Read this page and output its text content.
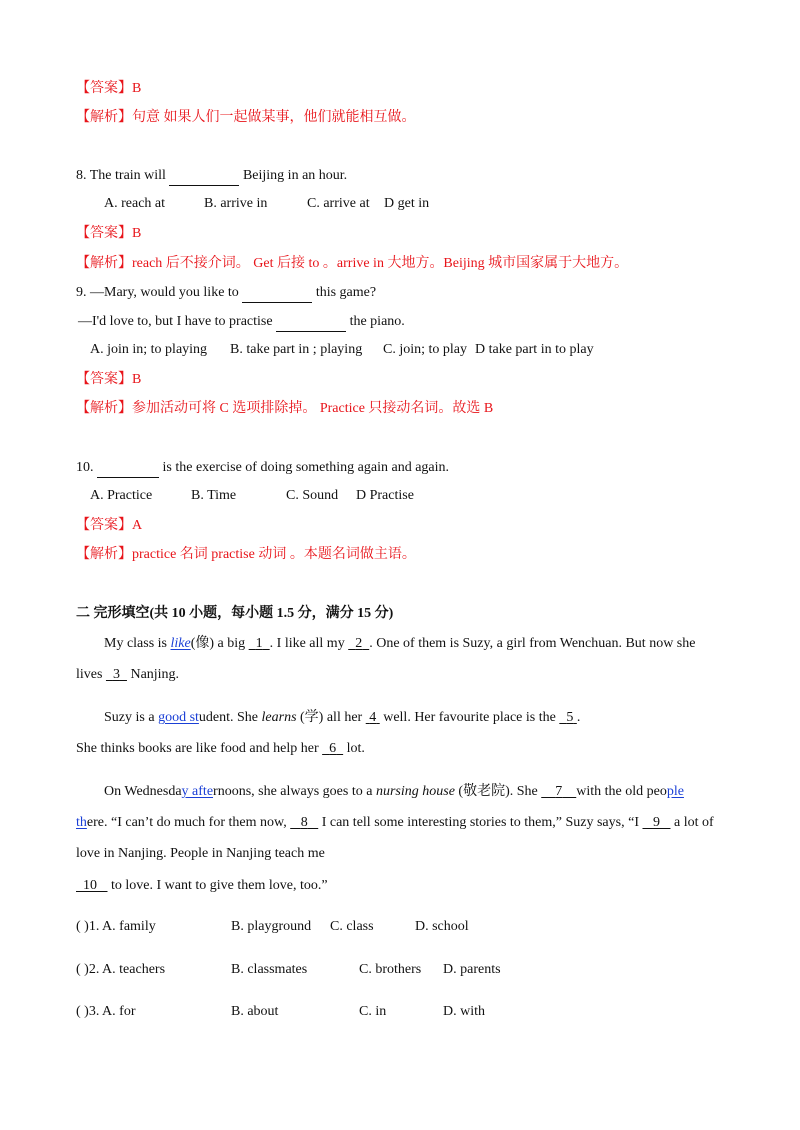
【答案】B
【解析】句意 如果人们一起做某事，他们就能相互做。
8. The train will	Beijing in an hour.
A. reach at	B. arrive in	C. arrive at D get in
【答案】B
【解析】reach 后不接介词。 Get 后接 to 。arrive in 大地方。Beijing 城市国家属于大地方。
9. —Mary, would you like to	this game?
—I'd love to, but I have to practise	the piano.
A. join in; to playing B. take part in ; playing C. join; to play D take part in to play
【答案】B
【解析】参加活动可将 C 选项排除掉。 Practice 只接动名词。故选 B
10.	is the exercise of doing something again and again.
A. Practice	B. Time	C. Sound D Practise
【答案】A
【解析】practice 名词 practise 动词 。本题名词做主语。
二 完形填空(共 10 小题，每小题 1.5 分，满分 15 分)
My class is like(像) a big 1 . I like all my 2 . One of them is Suzy, a girl from Wenchuan. But now she
lives 3 Nanjing.
Suzy is a good student. She learns (学) all her 4 well. Her favourite place is the 5 .
She thinks books are like food and help her 6 lot.
On Wednesday afternoons, she always goes to a nursing house (敬老院). She 7 with the old people
there. “I can’t do much for them now, 8 I can tell some interesting stories to them,” Suzy says, “I 9 a lot of
love in Nanjing. People in Nanjing teach me
10 to love. I want to give them love, too.”
( )1. A. family	B. playground C. class	D. school
( )2. A. teachers	B. classmates	C. brothers D. parents
( )3. A. for	B. about	C. in	D. with
